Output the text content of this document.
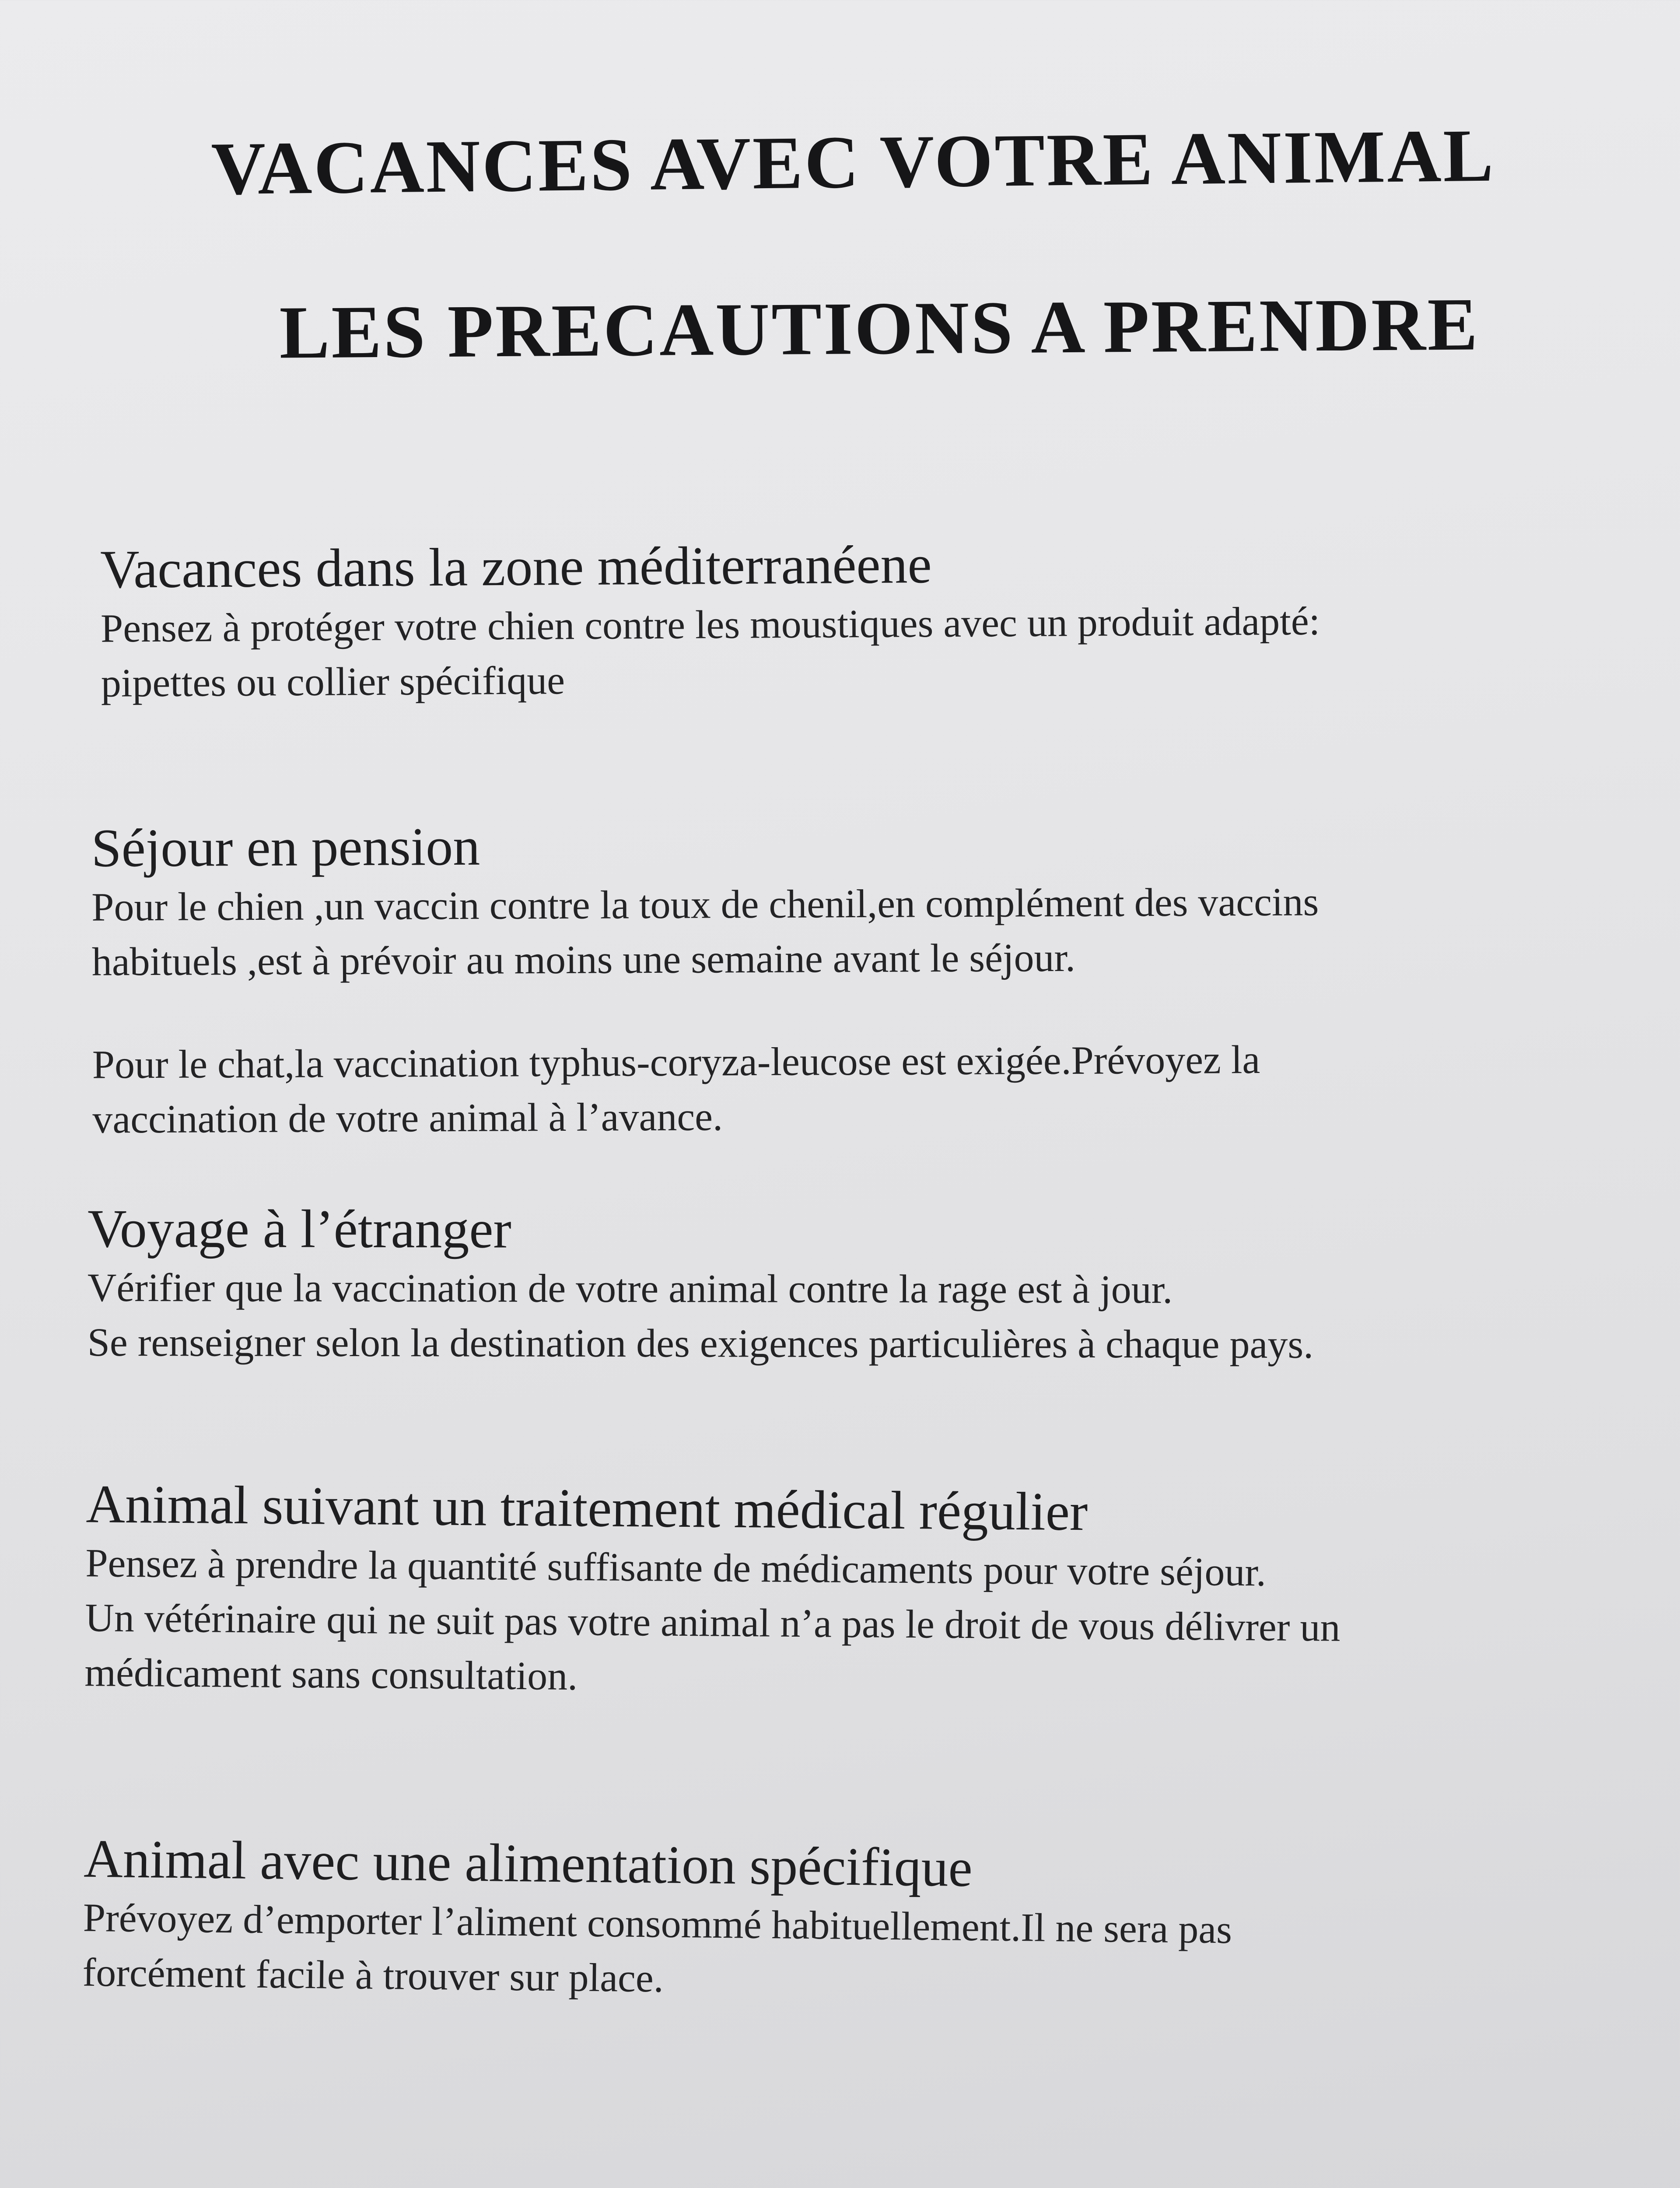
VACANCES AVEC VOTRE ANIMAL
LES PRECAUTIONS A PRENDRE

Vacances dans la zone méditerranéene

Pensez à protéger votre chien contre les moustiques avec un produit adapté:

pipettes ou collier spécifique

Séjour en pension

Pour le chien ,un vaccin contre la toux de chenil,en complément des vaccins

habituels ,est à prévoir au moins une semaine avant le séjour.

Pour le chat,la vaccination typhus-coryza-leucose est exigée.Prévoyez la

vaccination de votre animal à l’avance.

Voyage à l’étranger

Vérifier que la vaccination de votre animal contre la rage est à jour.

Se renseigner selon la destination des exigences particulières à chaque pays.

Animal suivant un traitement médical régulier

Pensez à prendre la quantité suffisante de médicaments pour votre séjour.

Un vétérinaire qui ne suit pas votre animal n’a pas le droit de vous délivrer un

médicament sans consultation.

Animal avec une alimentation spécifique

Prévoyez d’emporter l’aliment consommé habituellement.Il ne sera pas

forcément facile à trouver sur place.
